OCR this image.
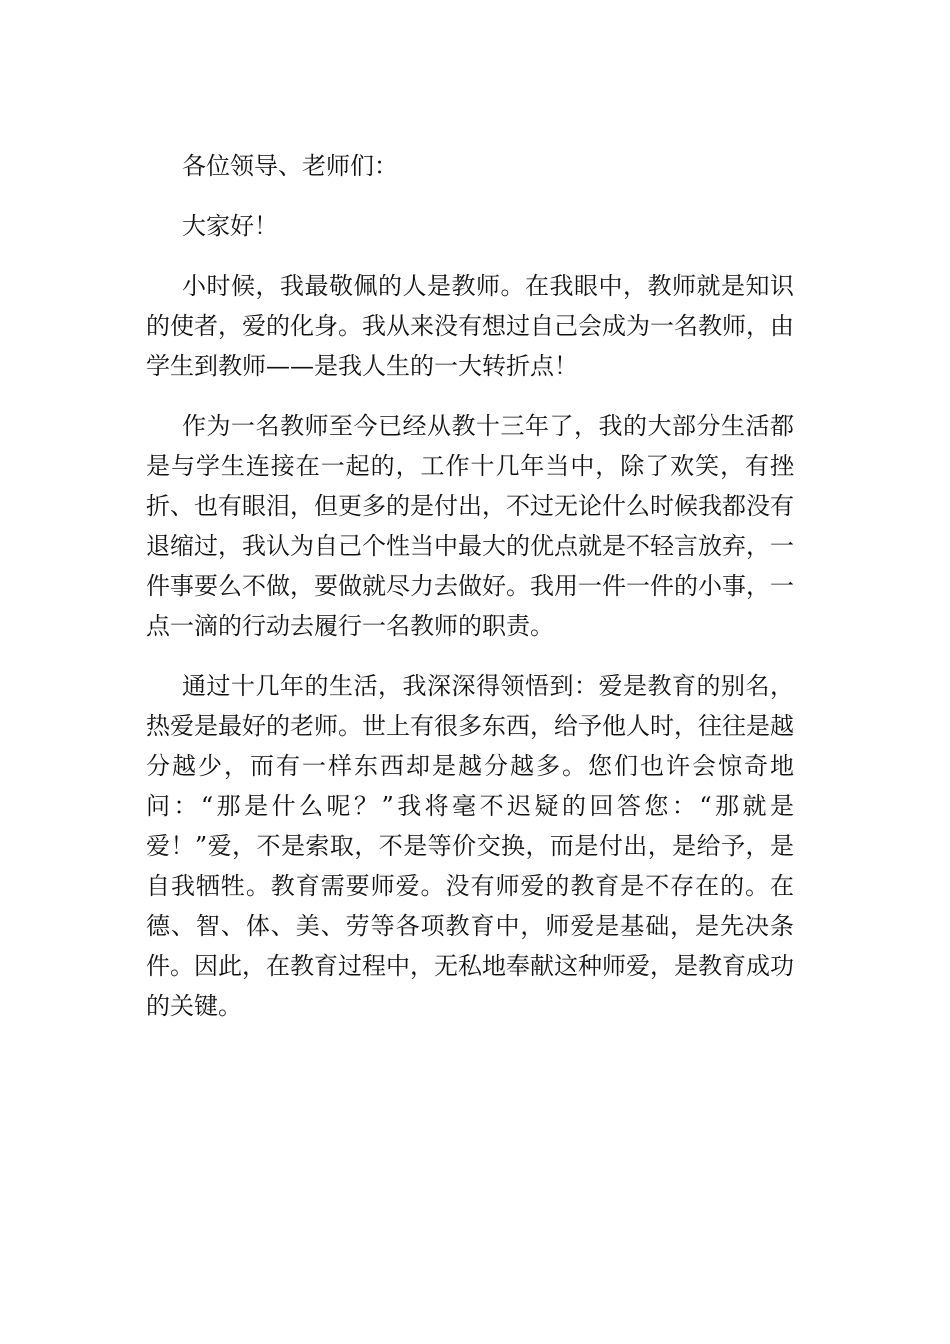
各位领导、老师们：

大家好！

小时候，我最敬佩的人是教师。在我眼中，教师就是知识的使者，爱的化身。我从来没有想过自己会成为一名教师，由学生到教师——是我人生的一大转折点！

作为一名教师至今已经从教十三年了，我的大部分生活都是与学生连接在一起的，工作十几年当中，除了欢笑，有挫折、也有眼泪，但更多的是付出，不过无论什么时候我都没有退缩过，我认为自己个性当中最大的优点就是不轻言放弃，一件事要么不做，要做就尽力去做好。我用一件一件的小事，一点一滴的行动去履行一名教师的职责。

通过十几年的生活，我深深得领悟到：爱是教育的别名，热爱是最好的老师。世上有很多东西，给予他人时，往往是越分越少，而有一样东西却是越分越多。您们也许会惊奇地问：“那是什么呢？”我将毫不迟疑的回答您：“那就是爱！”爱，不是索取，不是等价交换，而是付出，是给予，是自我牺牲。教育需要师爱。没有师爱的教育是不存在的。在德、智、体、美、劳等各项教育中，师爱是基础，是先决条件。因此，在教育过程中，无私地奉献这种师爱，是教育成功的关键。
